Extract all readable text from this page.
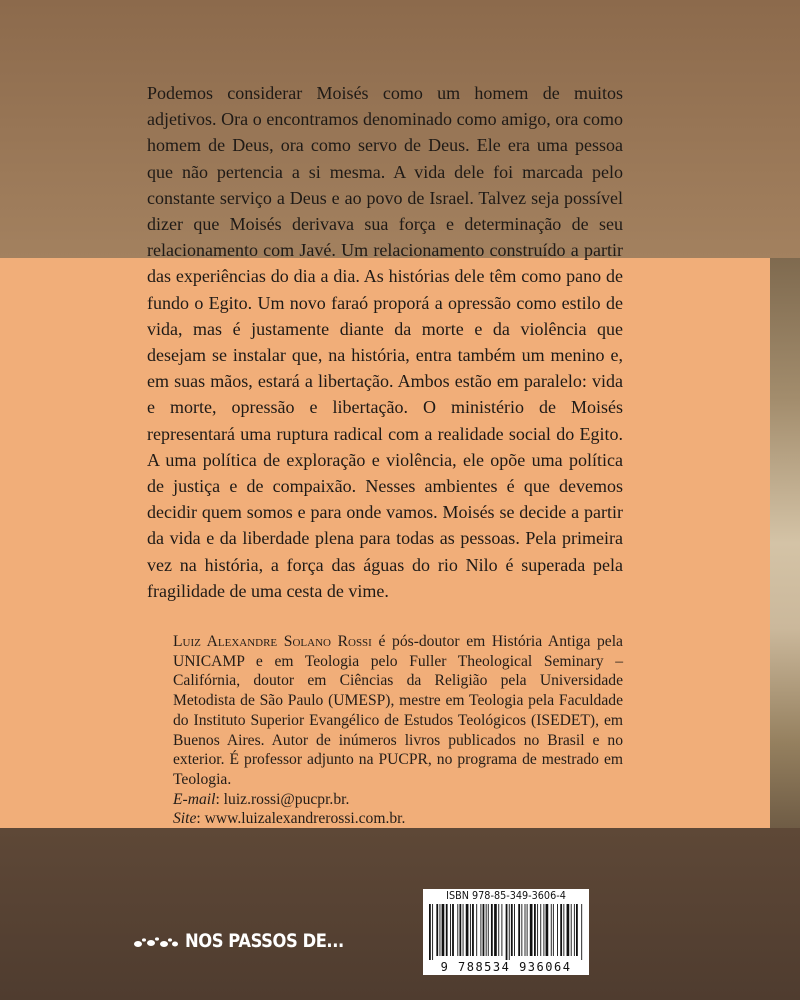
Podemos considerar Moisés como um homem de muitos adjetivos. Ora o encontramos denominado como amigo, ora como homem de Deus, ora como servo de Deus. Ele era uma pessoa que não pertencia a si mesma. A vida dele foi marcada pelo constante serviço a Deus e ao povo de Israel. Talvez seja possível dizer que Moisés derivava sua força e determinação de seu relacionamento com Javé. Um relacionamento construído a partir das experiências do dia a dia. As histórias dele têm como pano de fundo o Egito. Um novo faraó proporá a opressão como estilo de vida, mas é justamente diante da morte e da violência que desejam se instalar que, na história, entra também um menino e, em suas mãos, estará a libertação. Ambos estão em paralelo: vida e morte, opressão e libertação. O ministério de Moisés representará uma ruptura radical com a realidade social do Egito. A uma política de exploração e violência, ele opõe uma política de justiça e de compaixão. Nesses ambientes é que devemos decidir quem somos e para onde vamos. Moisés se decide a partir da vida e da liberdade plena para todas as pessoas. Pela primeira vez na história, a força das águas do rio Nilo é superada pela fragilidade de uma cesta de vime.

Luiz Alexandre Solano Rossi é pós-doutor em História Antiga pela UNICAMP e em Teologia pelo Fuller Theological Seminary – Califórnia, doutor em Ciências da Religião pela Universidade Metodista de São Paulo (UMESP), mestre em Teologia pela Faculdade do Instituto Superior Evangélico de Estudos Teológicos (ISEDET), em Buenos Aires. Autor de inúmeros livros publicados no Brasil e no exterior. É professor adjunto na PUCPR, no programa de mestrado em Teologia.
E-mail: luiz.rossi@pucpr.br.
Site: www.luizalexandrerossi.com.br.

NOS PASSOS DE...
ISBN 978-85-349-3606-4
9 788534 936064
